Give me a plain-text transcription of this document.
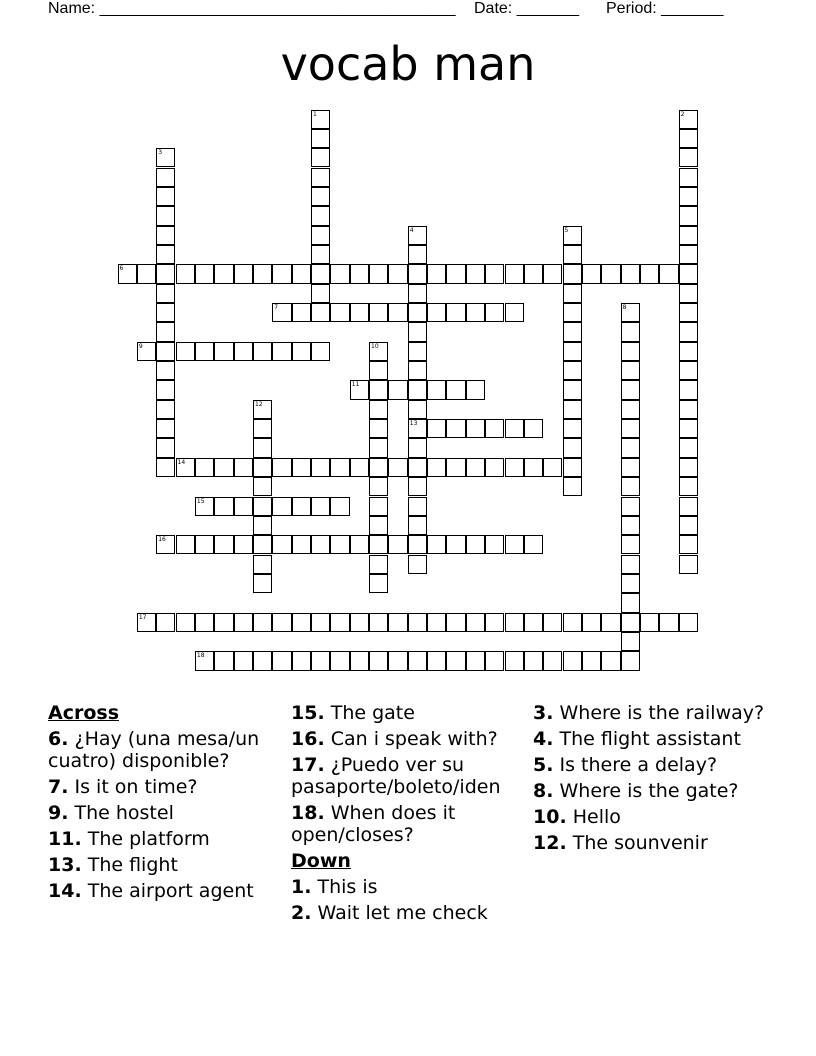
Name: ________________________________________

Date: _______

Period: _______

vocab man
1	2
3
4
13
5
6
7	8
9	10
11
12
14
15
16
17
18
Across
6. ¿Hay (una mesa/un cuatro) disponible?
7. Is it on time?
9. The hostel
11. The platform
13. The flight
14. The airport agent
15. The gate
16. Can i speak with?
17. ¿Puedo ver su pasaporte/boleto/iden
18. When does it open/closes?
Down
1. This is
2. Wait let me check
3. Where is the railway?
4. The flight assistant
5. Is there a delay?
8. Where is the gate?
10. Hello
12. The sounvenir
